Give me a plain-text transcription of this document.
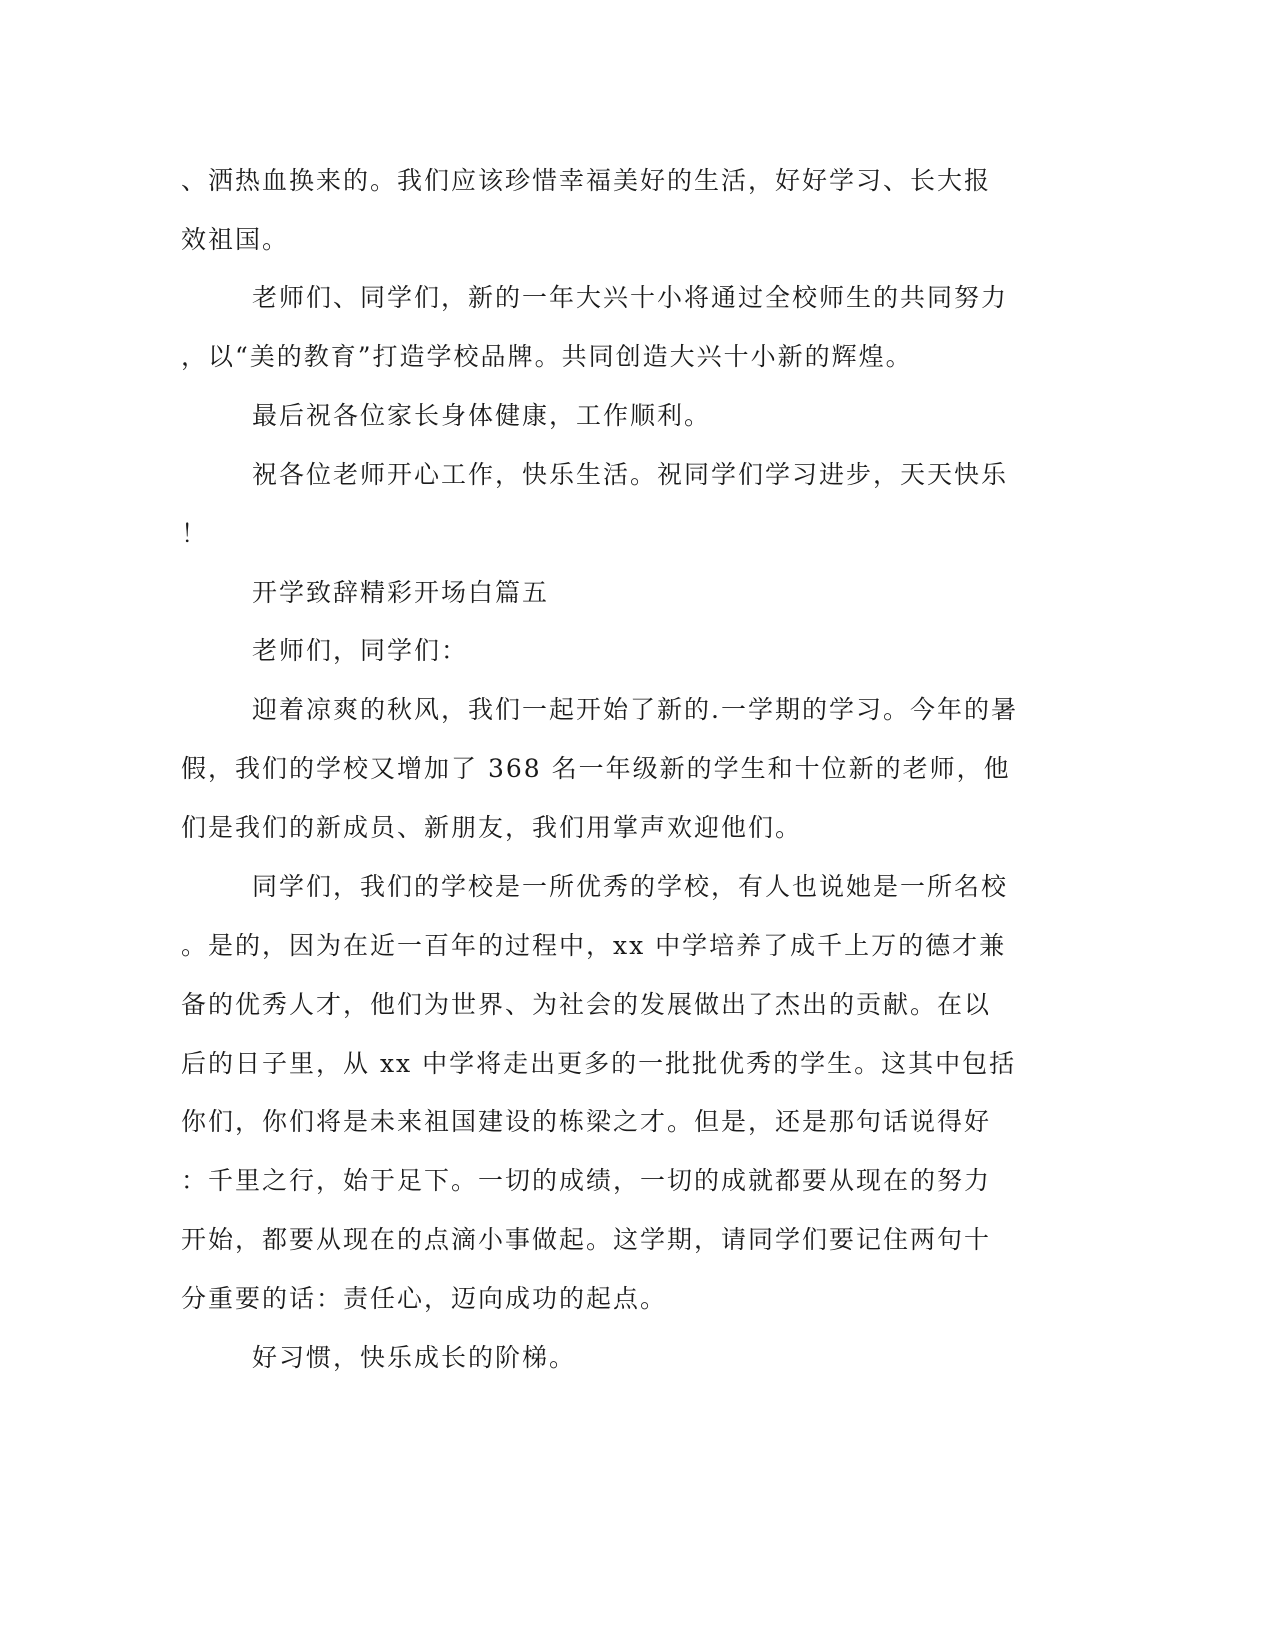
、洒热血换来的。我们应该珍惜幸福美好的生活，好好学习、长大报
效祖国。
老师们、同学们，新的一年大兴十小将通过全校师生的共同努力
，以“美的教育”打造学校品牌。共同创造大兴十小新的辉煌。
最后祝各位家长身体健康，工作顺利。
祝各位老师开心工作，快乐生活。祝同学们学习进步，天天快乐
！
开学致辞精彩开场白篇五
老师们，同学们：
迎着凉爽的秋风，我们一起开始了新的.一学期的学习。今年的暑
假，我们的学校又增加了 368 名一年级新的学生和十位新的老师，他
们是我们的新成员、新朋友，我们用掌声欢迎他们。
同学们，我们的学校是一所优秀的学校，有人也说她是一所名校
。是的，因为在近一百年的过程中，xx 中学培养了成千上万的德才兼
备的优秀人才，他们为世界、为社会的发展做出了杰出的贡献。在以
后的日子里，从 xx 中学将走出更多的一批批优秀的学生。这其中包括
你们，你们将是未来祖国建设的栋梁之才。但是，还是那句话说得好
：千里之行，始于足下。一切的成绩，一切的成就都要从现在的努力
开始，都要从现在的点滴小事做起。这学期，请同学们要记住两句十
分重要的话：责任心，迈向成功的起点。
好习惯，快乐成长的阶梯。
